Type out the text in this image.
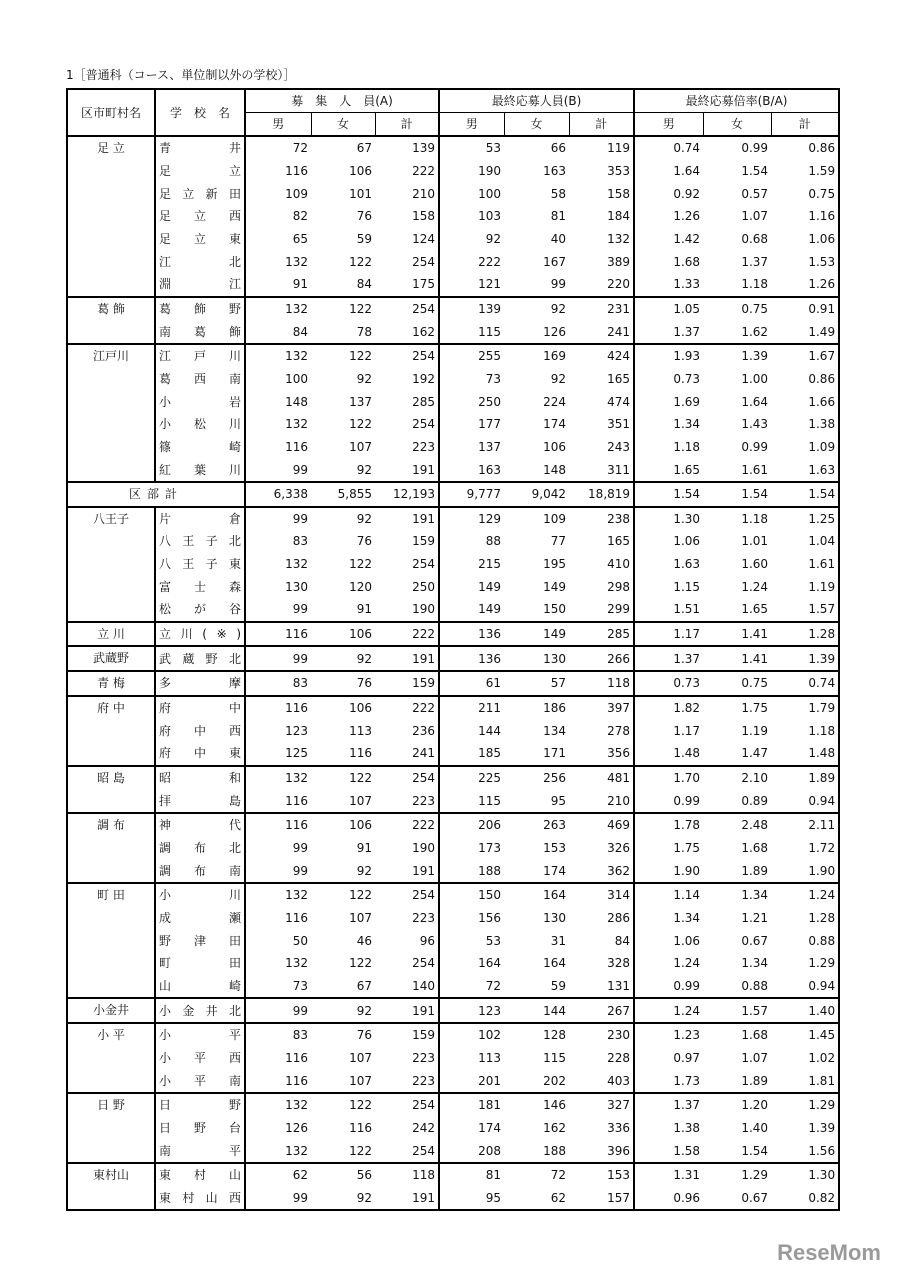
1［普通科（コース、単位制以外の学校）］
区市町村名	学　校　名	募　集　人　員(A)			最終応募人員(B)			最終応募倍率(B/A)		
		男	女	計	男	女	計	男	女	計
足 立	青井	72	67	139	53	66	119	0.74	0.99	0.86

	足立	116	106	222	190	163	353	1.64	1.54	1.59

	足立新田	109	101	210	100	58	158	0.92	0.57	0.75

	足立西	82	76	158	103	81	184	1.26	1.07	1.16

	足立東	65	59	124	92	40	132	1.42	0.68	1.06

	江北	132	122	254	222	167	389	1.68	1.37	1.53

	淵江	91	84	175	121	99	220	1.33	1.18	1.26
葛 飾	葛飾野	132	122	254	139	92	231	1.05	0.75	0.91

	南葛飾	84	78	162	115	126	241	1.37	1.62	1.49
江戸川	江戸川	132	122	254	255	169	424	1.93	1.39	1.67

	葛西南	100	92	192	73	92	165	0.73	1.00	0.86

	小岩	148	137	285	250	224	474	1.69	1.64	1.66

	小松川	132	122	254	177	174	351	1.34	1.43	1.38

	篠崎	116	107	223	137	106	243	1.18	0.99	1.09

	紅葉川	99	92	191	163	148	311	1.65	1.61	1.63
区部計		6,338	5,855	12,193	9,777	9,042	18,819	1.54	1.54	1.54
八王子	片倉	99	92	191	129	109	238	1.30	1.18	1.25

	八王子北	83	76	159	88	77	165	1.06	1.01	1.04

	八王子東	132	122	254	215	195	410	1.63	1.60	1.61

	富士森	130	120	250	149	149	298	1.15	1.24	1.19

	松が谷	99	91	190	149	150	299	1.51	1.65	1.57
立 川	立川(※)	116	106	222	136	149	285	1.17	1.41	1.28
武蔵野	武蔵野北	99	92	191	136	130	266	1.37	1.41	1.39
青 梅	多摩	83	76	159	61	57	118	0.73	0.75	0.74
府 中	府中	116	106	222	211	186	397	1.82	1.75	1.79

	府中西	123	113	236	144	134	278	1.17	1.19	1.18

	府中東	125	116	241	185	171	356	1.48	1.47	1.48
昭 島	昭和	132	122	254	225	256	481	1.70	2.10	1.89

	拝島	116	107	223	115	95	210	0.99	0.89	0.94
調 布	神代	116	106	222	206	263	469	1.78	2.48	2.11

	調布北	99	91	190	173	153	326	1.75	1.68	1.72

	調布南	99	92	191	188	174	362	1.90	1.89	1.90
町 田	小川	132	122	254	150	164	314	1.14	1.34	1.24

	成瀬	116	107	223	156	130	286	1.34	1.21	1.28

	野津田	50	46	96	53	31	84	1.06	0.67	0.88

	町田	132	122	254	164	164	328	1.24	1.34	1.29

	山崎	73	67	140	72	59	131	0.99	0.88	0.94
小金井	小金井北	99	92	191	123	144	267	1.24	1.57	1.40
小 平	小平	83	76	159	102	128	230	1.23	1.68	1.45

	小平西	116	107	223	113	115	228	0.97	1.07	1.02

	小平南	116	107	223	201	202	403	1.73	1.89	1.81
日 野	日野	132	122	254	181	146	327	1.37	1.20	1.29

	日野台	126	116	242	174	162	336	1.38	1.40	1.39

	南平	132	122	254	208	188	396	1.58	1.54	1.56
東村山	東村山	62	56	118	81	72	153	1.31	1.29	1.30

	東村山西	99	92	191	95	62	157	0.96	0.67	0.82
ReseMom
